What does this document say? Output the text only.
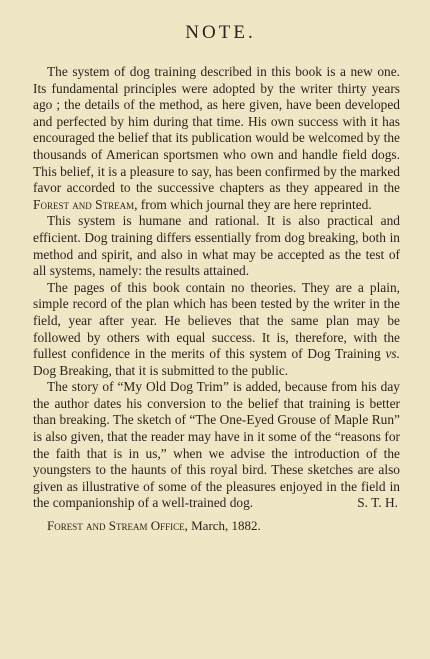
NOTE.

The system of dog training described in this book is a new one. Its fundamental principles were adopted by the writer thirty years ago ; the details of the method, as here given, have been developed and perfected by him during that time. His own success with it has encouraged the belief that its publication would be welcomed by the thousands of American sportsmen who own and handle field dogs. This belief, it is a pleasure to say, has been confirmed by the marked favor accorded to the successive chapters as they appeared in the Forest and Stream, from which journal they are here reprinted.

This system is humane and rational. It is also practical and efficient. Dog training differs essentially from dog breaking, both in method and spirit, and also in what may be accepted as the test of all systems, namely: the results attained.

The pages of this book contain no theories. They are a plain, simple record of the plan which has been tested by the writer in the field, year after year. He believes that the same plan may be followed by others with equal success. It is, therefore, with the fullest confidence in the merits of this system of Dog Training vs. Dog Breaking, that it is submitted to the public.

The story of “My Old Dog Trim” is added, because from his day the author dates his conversion to the belief that training is better than breaking. The sketch of “The One-Eyed Grouse of Maple Run” is also given, that the reader may have in it some of the “reasons for the faith that is in us,” when we advise the introduction of the youngsters to the haunts of this royal bird. These sketches are also given as illustrative of some of the pleasures enjoyed in the field in the companionship of a well-trained dog.	S. T. H.

Forest and Stream Office, March, 1882.
